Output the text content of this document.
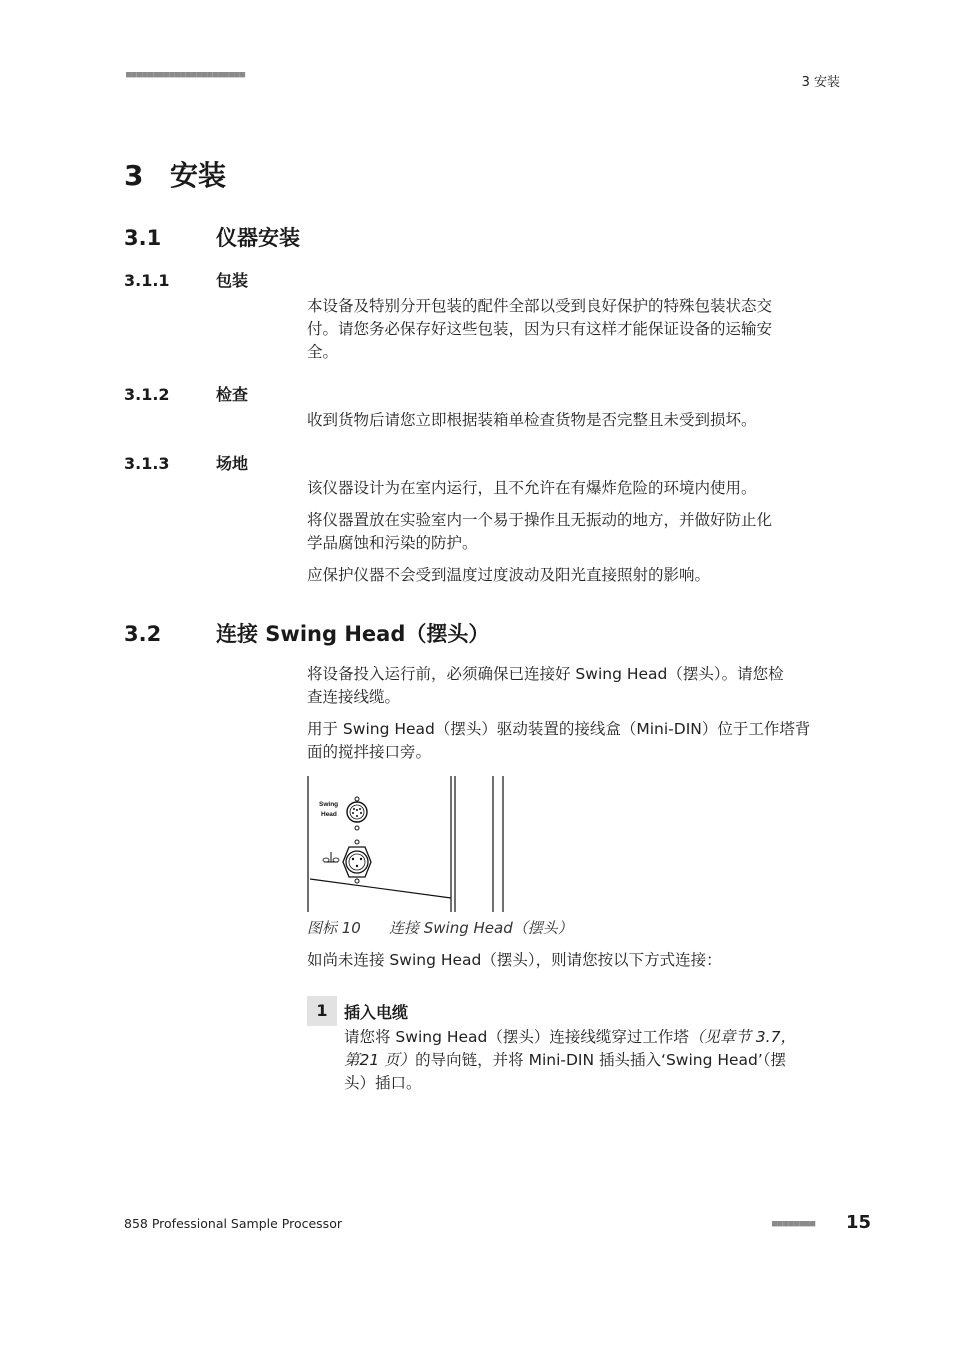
■■■■■■■■■■■■■■■■■■■■■■	3 安装
3 安装
3.1	仪器安装
3.1.1	包装
本设备及特别分开包装的配件全部以受到良好保护的特殊包装状态交
付。请您务必保存好这些包装，因为只有这样才能保证设备的运输安
全。
3.1.2	检查
收到货物后请您立即根据装箱单检查货物是否完整且未受到损坏。
3.1.3	场地
该仪器设计为在室内运行，且不允许在有爆炸危险的环境内使用。
将仪器置放在实验室内一个易于操作且无振动的地方，并做好防止化
学品腐蚀和污染的防护。
应保护仪器不会受到温度过度波动及阳光直接照射的影响。
3.2	连接 Swing Head（摆头）
将设备投入运行前，必须确保已连接好 Swing Head（摆头）。请您检
查连接线缆。
用于 Swing Head（摆头）驱动装置的接线盒（Mini-DIN）位于工作塔背
面的搅拌接口旁。
Swing
Head
图标 10 连接 Swing Head（摆头）
如尚未连接 Swing Head（摆头），则请您按以下方式连接：
1	插入电缆
请您将 Swing Head（摆头）连接线缆穿过工作塔（见章节 3.7，
第21 页）的导向链，并将 Mini-DIN 插头插入‘Swing Head’（摆
头）插口。
858 Professional Sample Processor	■■■■■■■■ 15
